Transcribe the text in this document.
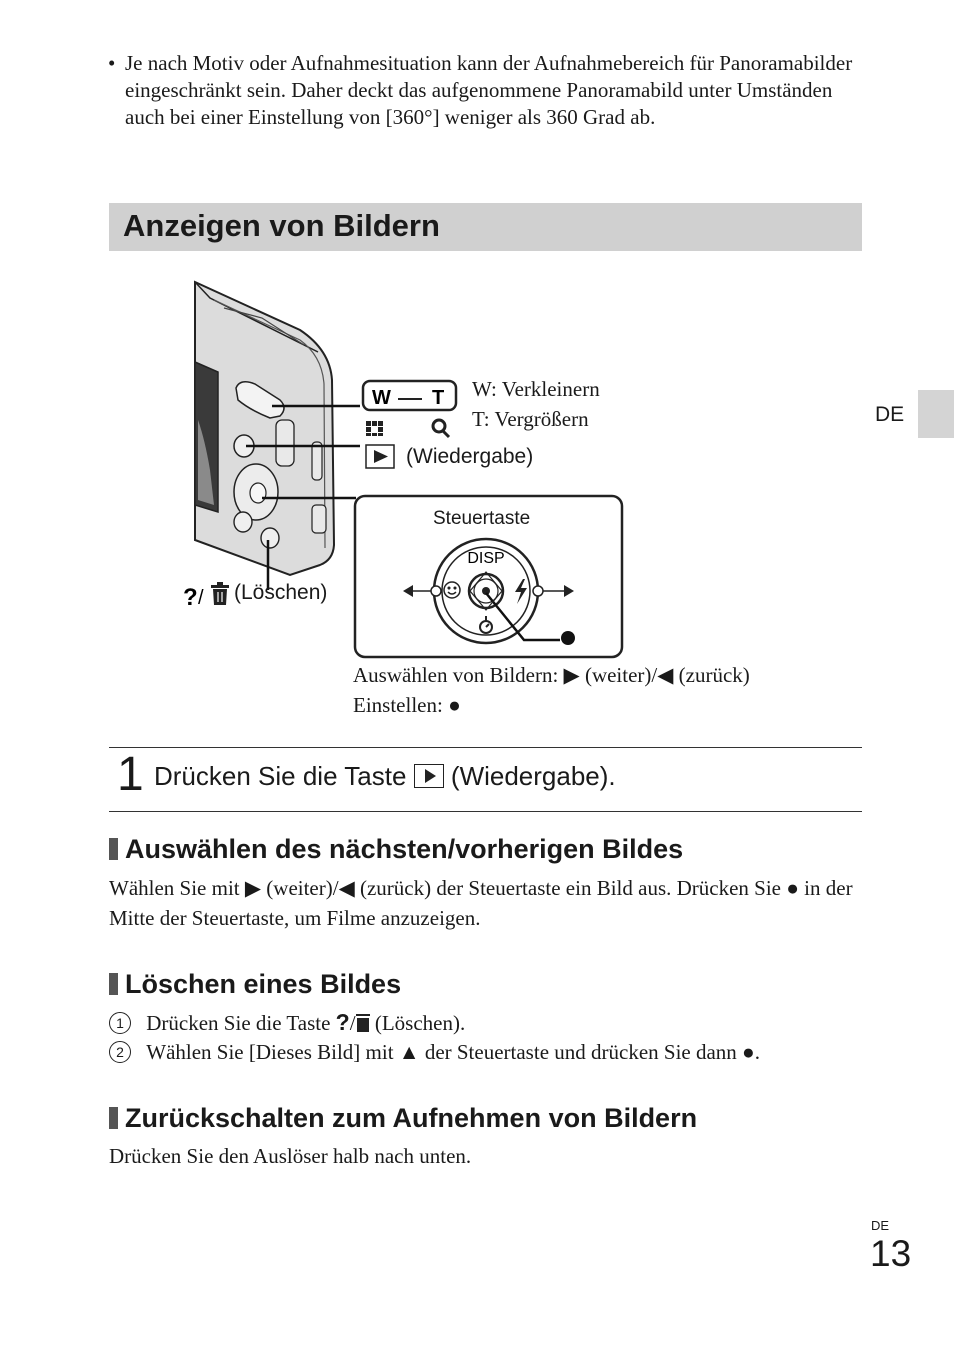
• Je nach Motiv oder Aufnahmesituation kann der Aufnahmebereich für Panoramabilder eingeschränkt sein. Daher deckt das aufgenommene Panoramabild unter Umständen auch bei einer Einstellung von [360°] weniger als 360 Grad ab.
Anzeigen von Bildern
DE
W T
DISP
? /
W: Verkleinern
T: Vergrößern
(Wiedergabe)
Steuertaste
(Löschen)
Auswählen von Bildern: ▶ (weiter)/◀ (zurück)
Einstellen: ●
1 Drücken Sie die Taste (Wiedergabe).
Auswählen des nächsten/vorherigen Bildes
Wählen Sie mit ▶ (weiter)/◀ (zurück) der Steuertaste ein Bild aus. Drücken Sie ● in der Mitte der Steuertaste, um Filme anzuzeigen.
Löschen eines Bildes
1 Drücken Sie die Taste ?/ (Löschen).
2 Wählen Sie [Dieses Bild] mit ▲ der Steuertaste und drücken Sie dann ●.
Zurückschalten zum Aufnehmen von Bildern
Drücken Sie den Auslöser halb nach unten.
DE
13
